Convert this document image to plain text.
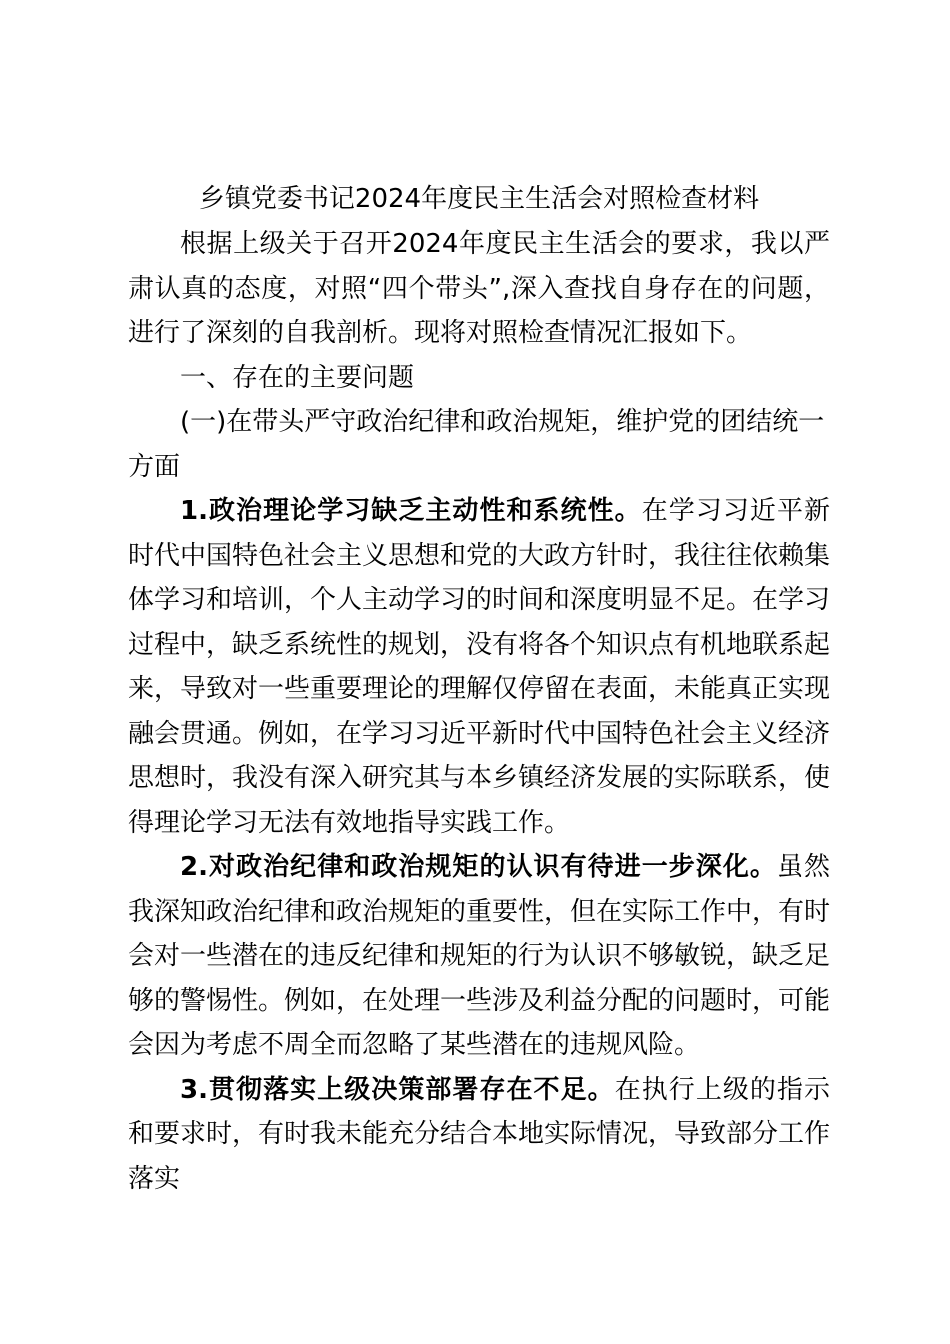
乡镇党委书记2024年度民主生活会对照检查材料

根据上级关于召开2024年度民主生活会的要求，我以严肃认真的态度，对照“四个带头”,深入查找自身存在的问题，进行了深刻的自我剖析。现将对照检查情况汇报如下。

一、存在的主要问题

(一)在带头严守政治纪律和政治规矩，维护党的团结统一方面

1.政治理论学习缺乏主动性和系统性。在学习习近平新时代中国特色社会主义思想和党的大政方针时，我往往依赖集体学习和培训，个人主动学习的时间和深度明显不足。在学习过程中，缺乏系统性的规划，没有将各个知识点有机地联系起来，导致对一些重要理论的理解仅停留在表面，未能真正实现融会贯通。例如，在学习习近平新时代中国特色社会主义经济思想时，我没有深入研究其与本乡镇经济发展的实际联系，使得理论学习无法有效地指导实践工作。

2.对政治纪律和政治规矩的认识有待进一步深化。虽然我深知政治纪律和政治规矩的重要性，但在实际工作中，有时会对一些潜在的违反纪律和规矩的行为认识不够敏锐，缺乏足够的警惕性。例如，在处理一些涉及利益分配的问题时，可能会因为考虑不周全而忽略了某些潜在的违规风险。

3.贯彻落实上级决策部署存在不足。在执行上级的指示和要求时，有时我未能充分结合本地实际情况，导致部分工作落实
